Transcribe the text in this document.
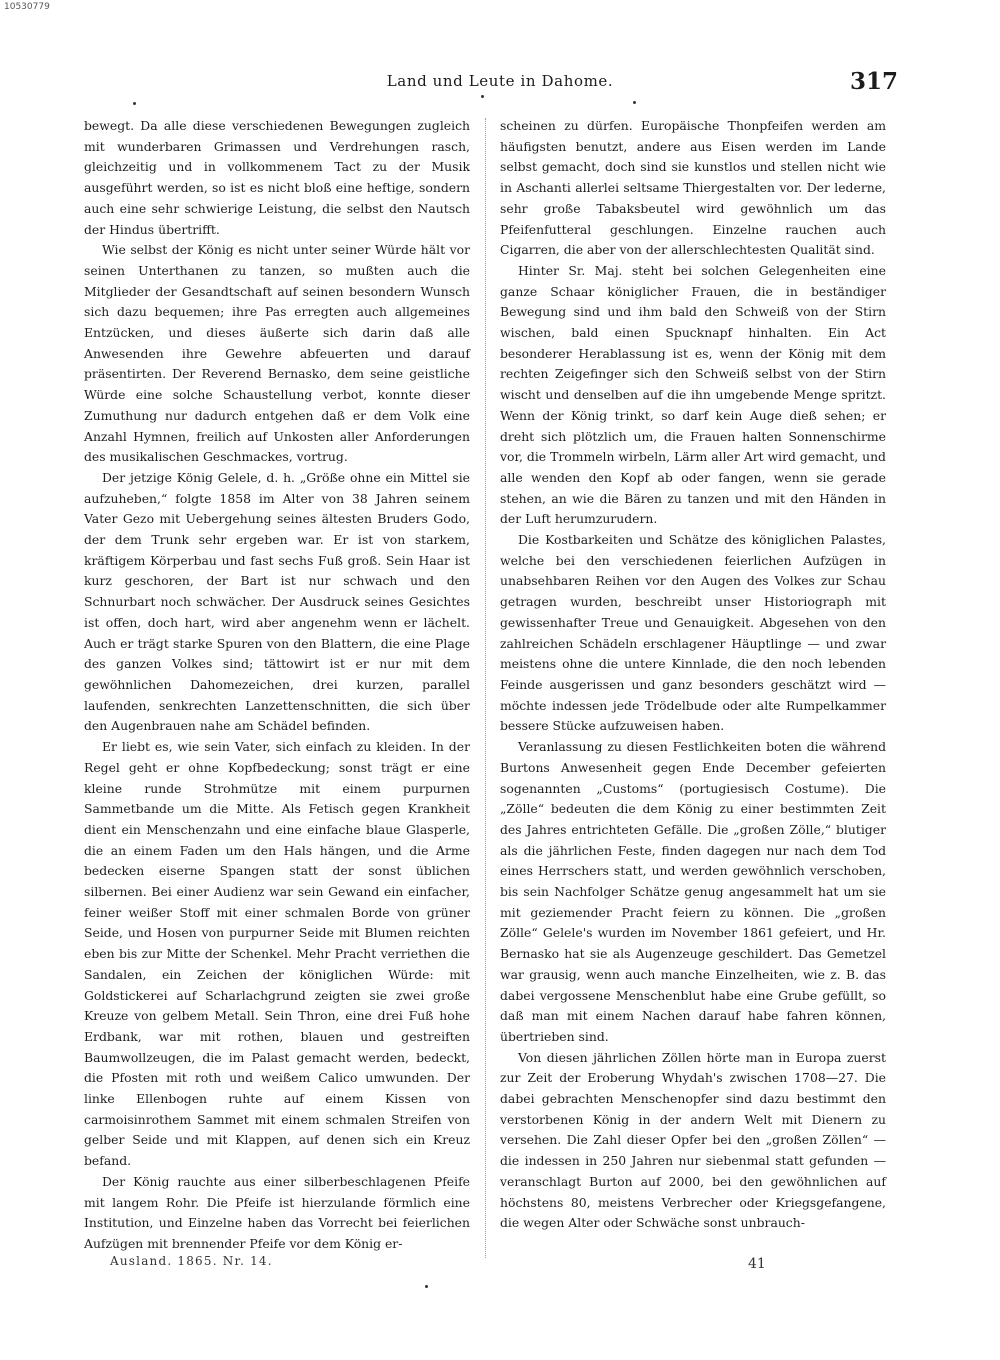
10530779
Land und Leute in Dahome.	317

bewegt. Da alle diese verschiedenen Bewegungen zugleich mit wunderbaren Grimassen und Verdrehungen rasch, gleichzeitig und in vollkommenem Tact zu der Musik ausgeführt werden, so ist es nicht bloß eine heftige, sondern auch eine sehr schwierige Leistung, die selbst den Nautsch der Hindus übertrifft.

Wie selbst der König es nicht unter seiner Würde hält vor seinen Unterthanen zu tanzen, so mußten auch die Mitglieder der Gesandtschaft auf seinen besondern Wunsch sich dazu bequemen; ihre Pas erregten auch allgemeines Entzücken, und dieses äußerte sich darin daß alle Anwesenden ihre Gewehre abfeuerten und darauf präsentirten. Der Reverend Bernasko, dem seine geistliche Würde eine solche Schaustellung verbot, konnte dieser Zumuthung nur dadurch entgehen daß er dem Volk eine Anzahl Hymnen, freilich auf Unkosten aller Anforderungen des musikalischen Geschmackes, vortrug.

Der jetzige König Gelele, d. h. „Größe ohne ein Mittel sie aufzuheben,“ folgte 1858 im Alter von 38 Jahren seinem Vater Gezo mit Uebergehung seines ältesten Bruders Godo, der dem Trunk sehr ergeben war. Er ist von starkem, kräftigem Körperbau und fast sechs Fuß groß. Sein Haar ist kurz geschoren, der Bart ist nur schwach und den Schnurbart noch schwächer. Der Ausdruck seines Gesichtes ist offen, doch hart, wird aber angenehm wenn er lächelt. Auch er trägt starke Spuren von den Blattern, die eine Plage des ganzen Volkes sind; tättowirt ist er nur mit dem gewöhnlichen Dahomezeichen, drei kurzen, parallel laufenden, senkrechten Lanzettenschnitten, die sich über den Augenbrauen nahe am Schädel befinden.

Er liebt es, wie sein Vater, sich einfach zu kleiden. In der Regel geht er ohne Kopfbedeckung; sonst trägt er eine kleine runde Strohmütze mit einem purpurnen Sammetbande um die Mitte. Als Fetisch gegen Krankheit dient ein Menschenzahn und eine einfache blaue Glasperle, die an einem Faden um den Hals hängen, und die Arme bedecken eiserne Spangen statt der sonst üblichen silbernen. Bei einer Audienz war sein Gewand ein einfacher, feiner weißer Stoff mit einer schmalen Borde von grüner Seide, und Hosen von purpurner Seide mit Blumen reichten eben bis zur Mitte der Schenkel. Mehr Pracht verriethen die Sandalen, ein Zeichen der königlichen Würde: mit Goldstickerei auf Scharlachgrund zeigten sie zwei große Kreuze von gelbem Metall. Sein Thron, eine drei Fuß hohe Erdbank, war mit rothen, blauen und gestreiften Baumwollzeugen, die im Palast gemacht werden, bedeckt, die Pfosten mit roth und weißem Calico umwunden. Der linke Ellenbogen ruhte auf einem Kissen von carmoisinrothem Sammet mit einem schmalen Streifen von gelber Seide und mit Klappen, auf denen sich ein Kreuz befand.

Der König rauchte aus einer silberbeschlagenen Pfeife mit langem Rohr. Die Pfeife ist hierzulande förmlich eine Institution, und Einzelne haben das Vorrecht bei feierlichen Aufzügen mit brennender Pfeife vor dem König er-

scheinen zu dürfen. Europäische Thonpfeifen werden am häufigsten benutzt, andere aus Eisen werden im Lande selbst gemacht, doch sind sie kunstlos und stellen nicht wie in Aschanti allerlei seltsame Thiergestalten vor. Der lederne, sehr große Tabaksbeutel wird gewöhnlich um das Pfeifenfutteral geschlungen. Einzelne rauchen auch Cigarren, die aber von der allerschlechtesten Qualität sind.

Hinter Sr. Maj. steht bei solchen Gelegenheiten eine ganze Schaar königlicher Frauen, die in beständiger Bewegung sind und ihm bald den Schweiß von der Stirn wischen, bald einen Spucknapf hinhalten. Ein Act besonderer Herablassung ist es, wenn der König mit dem rechten Zeigefinger sich den Schweiß selbst von der Stirn wischt und denselben auf die ihn umgebende Menge spritzt. Wenn der König trinkt, so darf kein Auge dieß sehen; er dreht sich plötzlich um, die Frauen halten Sonnenschirme vor, die Trommeln wirbeln, Lärm aller Art wird gemacht, und alle wenden den Kopf ab oder fangen, wenn sie gerade stehen, an wie die Bären zu tanzen und mit den Händen in der Luft herumzurudern.

Die Kostbarkeiten und Schätze des königlichen Palastes, welche bei den verschiedenen feierlichen Aufzügen in unabsehbaren Reihen vor den Augen des Volkes zur Schau getragen wurden, beschreibt unser Historiograph mit gewissenhafter Treue und Genauigkeit. Abgesehen von den zahlreichen Schädeln erschlagener Häuptlinge — und zwar meistens ohne die untere Kinnlade, die den noch lebenden Feinde ausgerissen und ganz besonders geschätzt wird — möchte indessen jede Trödelbude oder alte Rumpelkammer bessere Stücke aufzuweisen haben.

Veranlassung zu diesen Festlichkeiten boten die während Burtons Anwesenheit gegen Ende December gefeierten sogenannten „Customs“ (portugiesisch Costume). Die „Zölle“ bedeuten die dem König zu einer bestimmten Zeit des Jahres entrichteten Gefälle. Die „großen Zölle,“ blutiger als die jährlichen Feste, finden dagegen nur nach dem Tod eines Herrschers statt, und werden gewöhnlich verschoben, bis sein Nachfolger Schätze genug angesammelt hat um sie mit geziemender Pracht feiern zu können. Die „großen Zölle“ Gelele's wurden im November 1861 gefeiert, und Hr. Bernasko hat sie als Augenzeuge geschildert. Das Gemetzel war grausig, wenn auch manche Einzelheiten, wie z. B. das dabei vergossene Menschenblut habe eine Grube gefüllt, so daß man mit einem Nachen darauf habe fahren können, übertrieben sind.

Von diesen jährlichen Zöllen hörte man in Europa zuerst zur Zeit der Eroberung Whydah's zwischen 1708—27. Die dabei gebrachten Menschenopfer sind dazu bestimmt den verstorbenen König in der andern Welt mit Dienern zu versehen. Die Zahl dieser Opfer bei den „großen Zöllen“ — die indessen in 250 Jahren nur siebenmal statt gefunden — veranschlagt Burton auf 2000, bei den gewöhnlichen auf höchstens 80, meistens Verbrecher oder Kriegsgefangene, die wegen Alter oder Schwäche sonst unbrauch-

Ausland. 1865. Nr. 14.	41
